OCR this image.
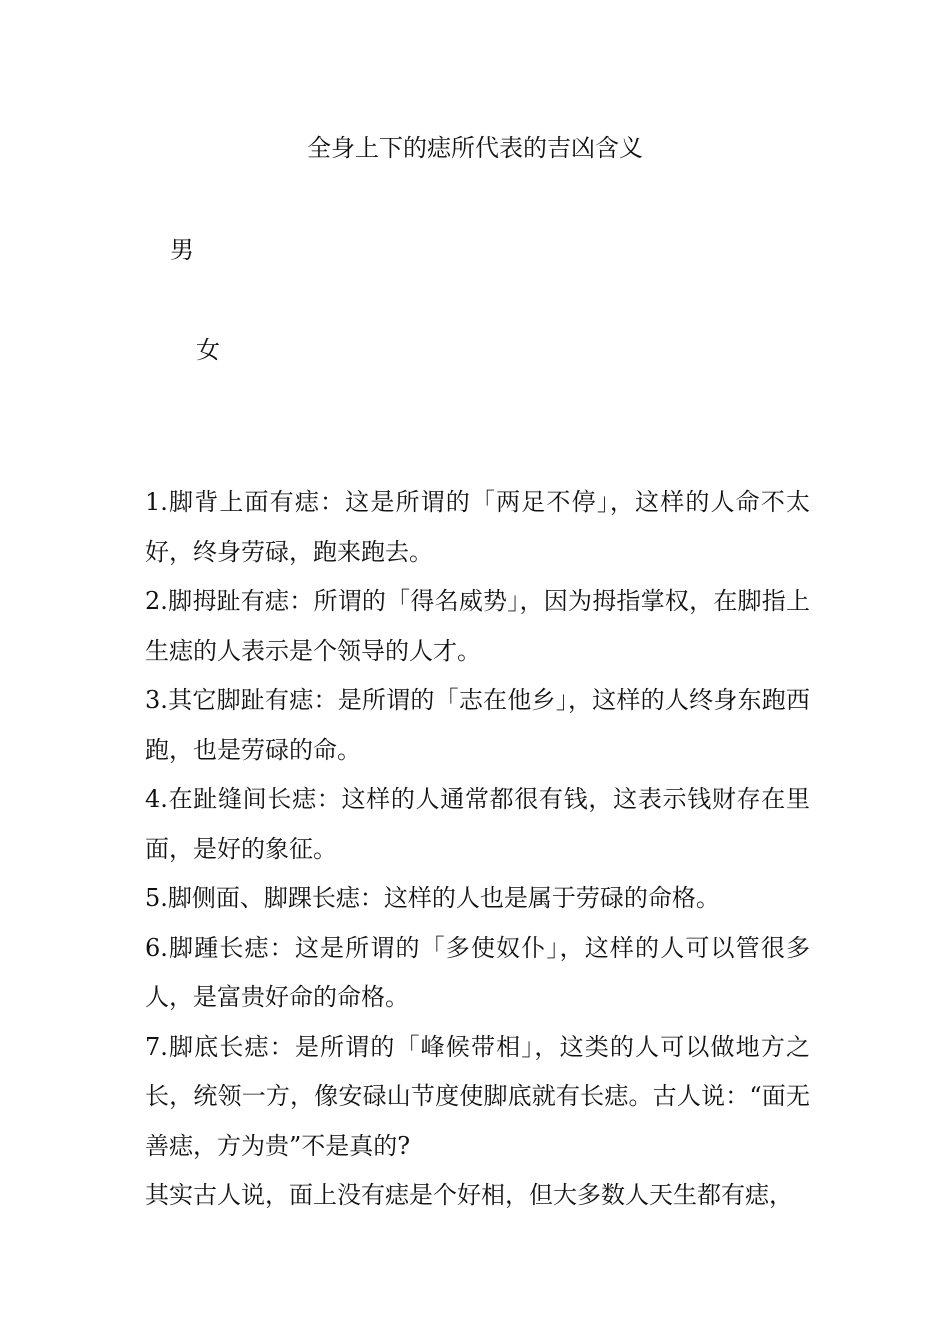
全身上下的痣所代表的吉凶含义
男
女

1.脚背上面有痣：这是所谓的「两足不停」，这样的人命不太好，终身劳碌，跑来跑去。

2.脚拇趾有痣：所谓的「得名威势」，因为拇指掌权，在脚指上生痣的人表示是个领导的人才。

3.其它脚趾有痣：是所谓的「志在他乡」，这样的人终身东跑西跑，也是劳碌的命。

4.在趾缝间长痣：这样的人通常都很有钱，这表示钱财存在里面，是好的象征。

5.脚侧面、脚踝长痣：这样的人也是属于劳碌的命格。

6.脚踵长痣：这是所谓的「多使奴仆」，这样的人可以管很多人，是富贵好命的命格。

7.脚底长痣：是所谓的「峰候带相」，这类的人可以做地方之长，统领一方，像安碌山节度使脚底就有长痣。古人说：“面无善痣，方为贵”不是真的?

其实古人说，面上没有痣是个好相，但大多数人天生都有痣，
